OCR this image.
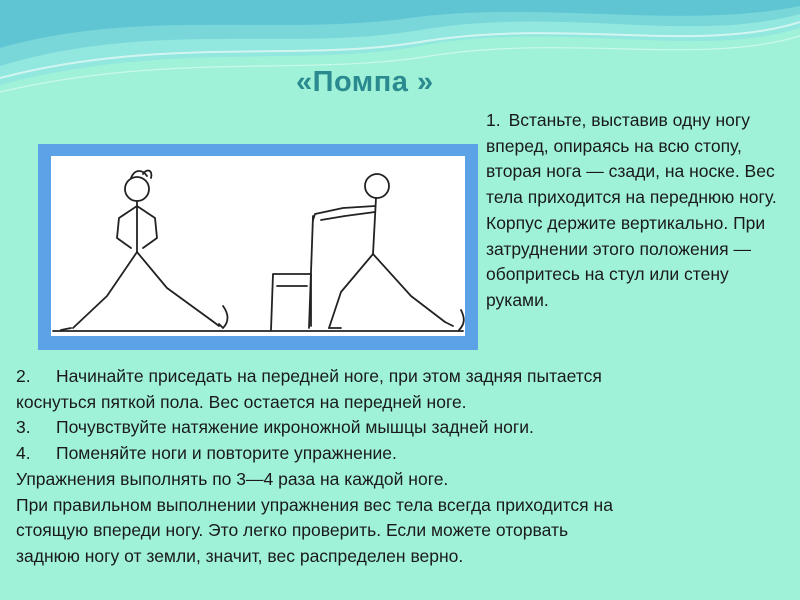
«Помпа »
1. Встаньте, выставив одну ногу вперед, опираясь на всю стопу, вторая нога — сзади, на носке. Вес тела приходится на переднюю ногу. Корпус держите вертикально. При затруднении этого положения — обопритесь на стул или стену руками.
2. Начинайте приседать на передней ноге, при этом задняя пытается
коснуться пяткой пола. Вес остается на передней ноге.
3. Почувствуйте натяжение икроножной мышцы задней ноги.
4. Поменяйте ноги и повторите упражнение.
Упражнения выполнять по 3—4 раза на каждой ноге.
При правильном выполнении упражнения вес тела всегда приходится на
стоящую впереди ногу. Это легко проверить. Если можете оторвать
заднюю ногу от земли, значит, вес распределен верно.
